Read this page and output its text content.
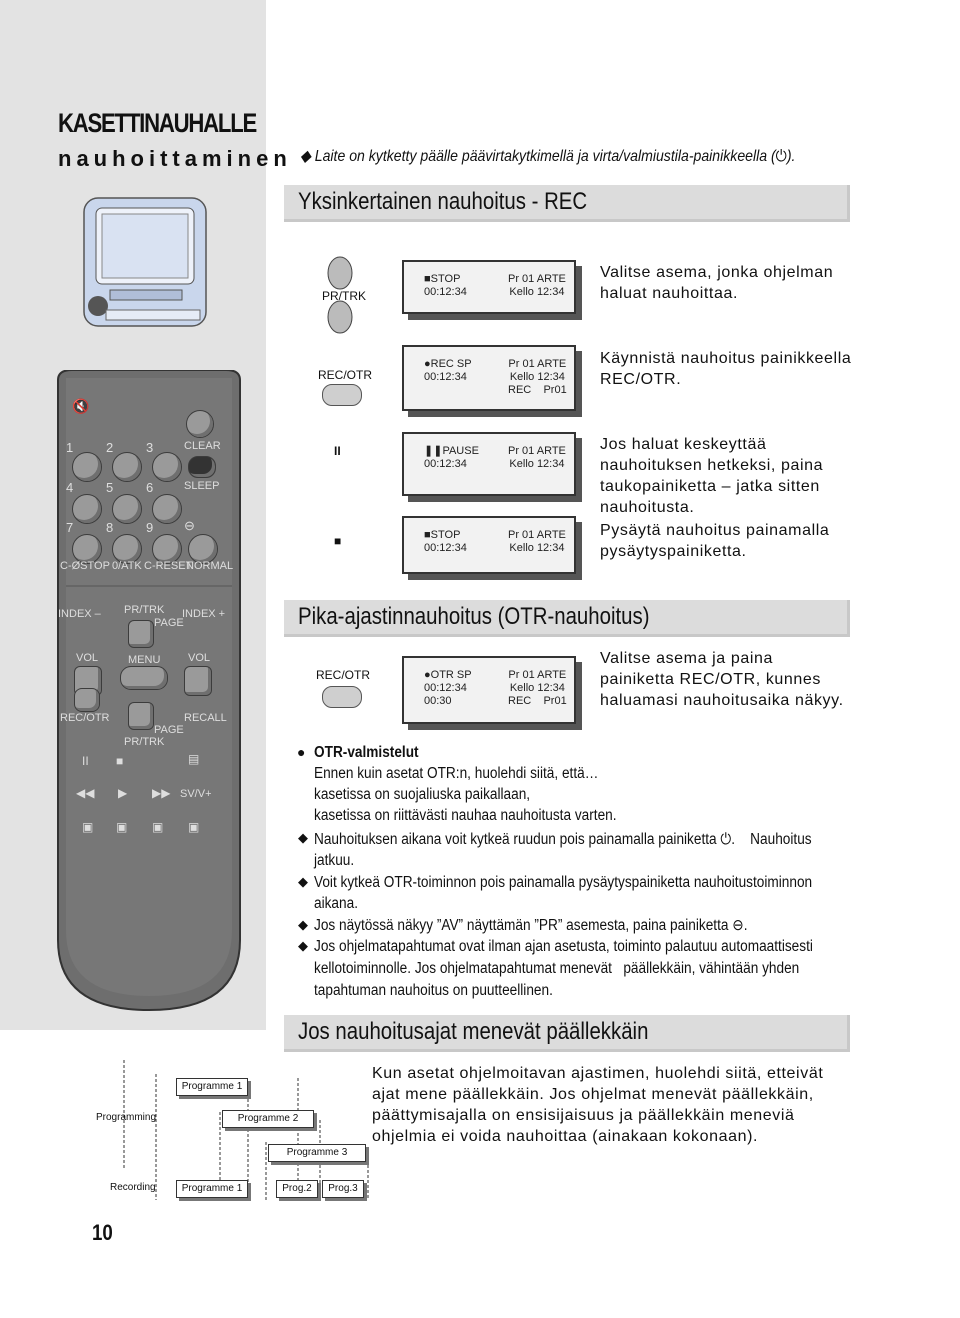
KASETTINAUHALLE
nauhoittaminen
🔇
1	2	3	CLEAR
4	5	6	SLEEP
7	8	9 ⊖
C-ØSTOP 0/ATK C-RESET
NORMAL
INDEX – PR/TRK
PAGE
INDEX +
VOL	MENU	VOL
REC/OTR	RECALL
PAGE
PR/TRK
II ■	▤
◀◀ ▶ ▶▶ SV/V+
▣ ▣ ▣ ▣
◆ Laite on kytketty päälle päävirtakytkimellä ja virta/valmiustila-painikkeella (⏻).
Yksinkertainen nauhoitus - REC
PR/TRK
■STOP
00:12:34
Pr 01 ARTE
Kello 12:34
Valitse asema, jonka ohjelman haluat nauhoittaa.
REC/OTR
●REC SP
00:12:34
Pr 01 ARTE
Kello 12:34
REC    Pr01
Käynnistä nauhoitus painikkeella REC/OTR.
II	❚❚PAUSE
00:12:34
Pr 01 ARTE
Kello 12:34
Jos haluat keskeyttää nauhoituksen hetkeksi, paina taukopainiketta – jatka sitten nauhoitusta.
■	■STOP
00:12:34
Pr 01 ARTE
Kello 12:34
Pysäytä nauhoitus painamalla pysäytyspainiketta.
Pika-ajastinnauhoitus (OTR-nauhoitus)
REC/OTR	●OTR SP
00:12:34
00:30
Pr 01 ARTE
Kello 12:34
REC    Pr01
Valitse asema ja paina painiketta REC/OTR, kunnes haluamasi nauhoitusaika näkyy.
● OTR-valmistelut
Ennen kuin asetat OTR:n, huolehdi siitä, että…
kasetissa on suojaliuska paikallaan,
kasetissa on riittävästi nauhaa nauhoitusta varten.
◆ Nauhoituksen aikana voit kytkeä ruudun pois painamalla painiketta ⏻.    Nauhoitus
jatkuu.
◆ Voit kytkeä OTR-toiminnon pois painamalla pysäytyspainiketta nauhoitustoiminnon
aikana.
◆ Jos näytössä näkyy ”AV” näyttämän ”PR” asemesta, paina painiketta ⊖.
◆ Jos ohjelmatapahtumat ovat ilman ajan asetusta, toiminto palautuu automaattisesti
kellotoiminnolle. Jos ohjelmatapahtumat menevät   päällekkäin, vähintään yhden
tapahtuman nauhoitus on puutteellinen.
Jos nauhoitusajat menevät päällekkäin
Kun asetat ohjelmoitavan ajastimen, huolehdi siitä, etteivät ajat mene päällekkäin. Jos ohjelmat menevät päällekkäin, päättymisajalla on ensisijaisuus ja päällekkäin meneviä ohjelmia ei voida nauhoittaa (ainakaan kokonaan).
Programming
Programme 1
Programme 2
Programme 3
Recording	Programme 1	Prog.2	Prog.3
10
